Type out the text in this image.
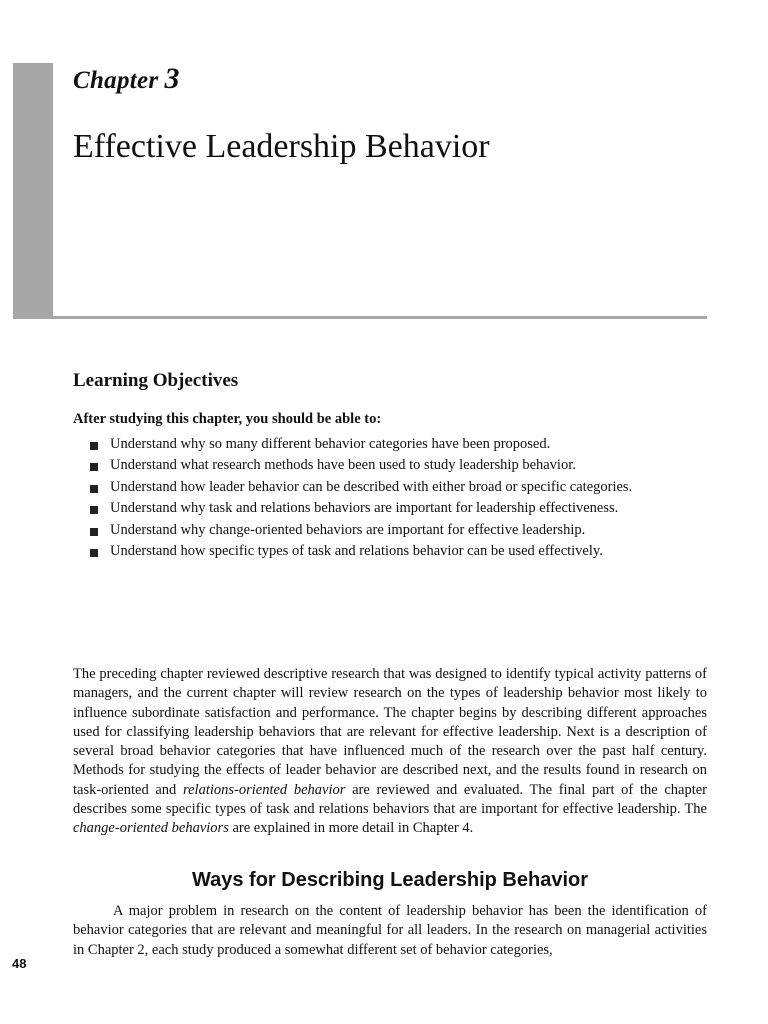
Chapter 3
Effective Leadership Behavior
Learning Objectives
After studying this chapter, you should be able to:
Understand why so many different behavior categories have been proposed.
Understand what research methods have been used to study leadership behavior.
Understand how leader behavior can be described with either broad or specific categories.
Understand why task and relations behaviors are important for leadership effectiveness.
Understand why change-oriented behaviors are important for effective leadership.
Understand how specific types of task and relations behavior can be used effectively.

The preceding chapter reviewed descriptive research that was designed to identify typical activity patterns of managers, and the current chapter will review research on the types of leadership behavior most likely to influence subordinate satisfaction and performance. The chapter begins by describing different approaches used for classifying leadership behaviors that are relevant for effective leadership. Next is a description of several broad behavior categories that have influenced much of the research over the past half century. Methods for studying the effects of leader behavior are described next, and the results found in research on task-oriented and relations-oriented behavior are reviewed and evaluated. The final part of the chapter describes some specific types of task and relations behaviors that are important for effective leadership. The change-oriented behaviors are explained in more detail in Chapter 4.

Ways for Describing Leadership Behavior

A major problem in research on the content of leadership behavior has been the identification of behavior categories that are relevant and meaningful for all leaders. In the research on managerial activities in Chapter 2, each study produced a somewhat different set of behavior categories,

48
